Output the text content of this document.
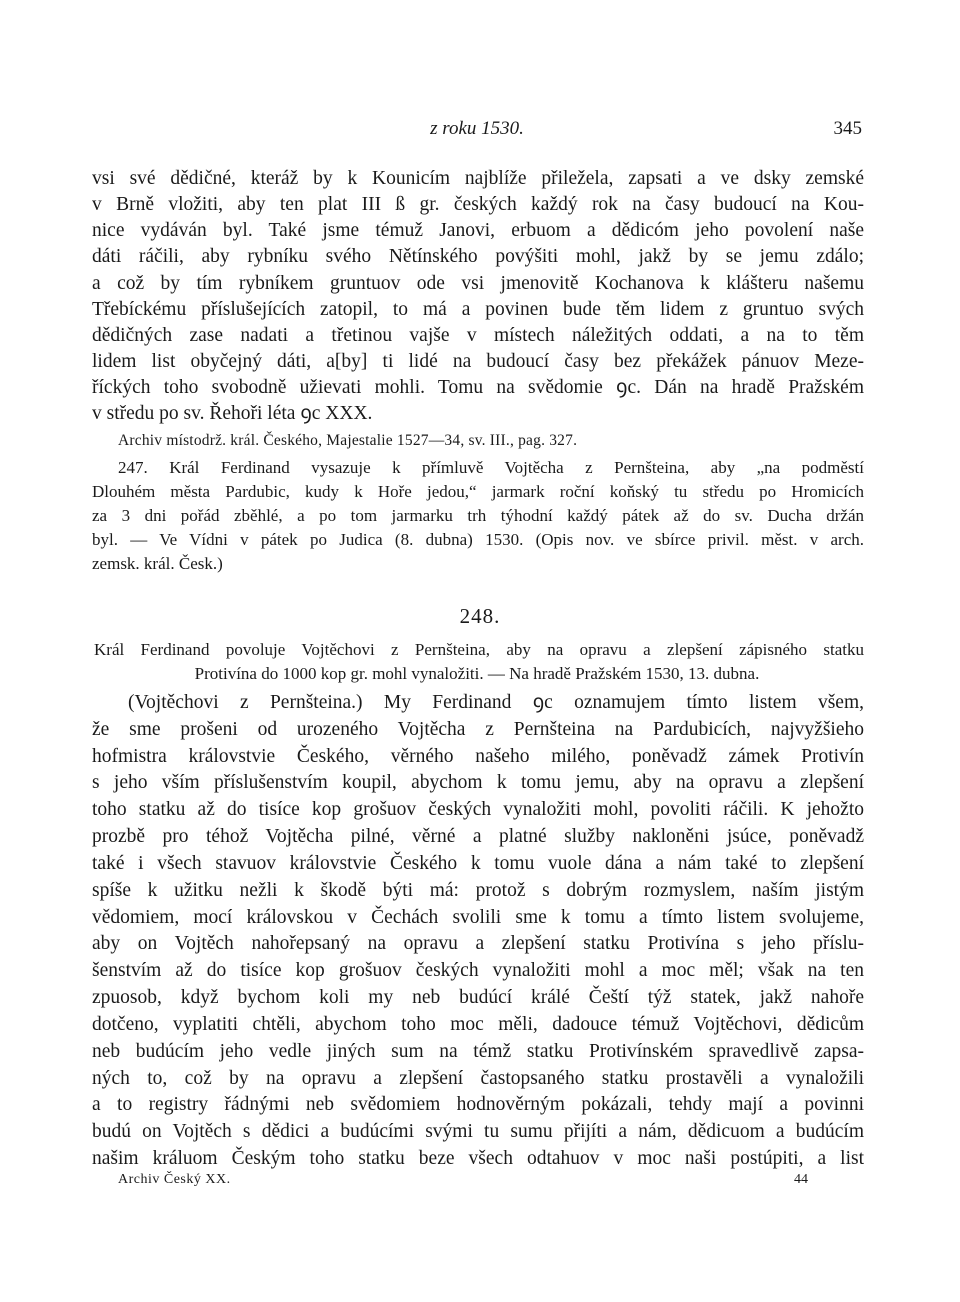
z roku 1530.	345
vsi své dědičné, kteráž by k Kounicím najblíže přiležela, zapsati a ve dsky zemské
v Brně vložiti, aby ten plat III ß gr. českých každý rok na časy budoucí na Kou-
nice vydáván byl. Také jsme témuž Janovi, erbuom a dědicóm jeho povolení naše
dáti ráčili, aby rybníku svého Nětínského povýšiti mohl, jakž by se jemu zdálo;
a což by tím rybníkem gruntuov ode vsi jmenovitě Kochanova k klášteru našemu
Třebíckému příslušejících zatopil, to má a povinen bude těm lidem z gruntuo svých
dědičných zase nadati a třetinou vajše v místech náležitých oddati, a na to těm
lidem list obyčejný dáti, a[by] ti lidé na budoucí časy bez překážek pánuov Meze-
říckých toho svobodně užievati mohli. Tomu na svědomie ꝯc. Dán na hradě Pražském
v středu po sv. Řehoři léta ꝯc XXX.
Archiv místodrž. král. Českého, Majestalie 1527—34, sv. III., pag. 327.
247. Král Ferdinand vysazuje k přímluvě Vojtěcha z Pernšteina, aby „na podměstí
Dlouhém města Pardubic, kudy k Hoře jedou,“ jarmark roční koňský tu středu po Hromicích
za 3 dni pořád zběhlé, a po tom jarmarku trh týhodní každý pátek až do sv. Ducha držán
byl. — Ve Vídni v pátek po Judica (8. dubna) 1530. (Opis nov. ve sbírce privil. měst. v arch.
zemsk. král. Česk.)
248.
Král Ferdinand povoluje Vojtěchovi z Pernšteina, aby na opravu a zlepšení zápisného statku
Protivína do 1000 kop gr. mohl vynaložiti. — Na hradě Pražském 1530, 13. dubna.
(Vojtěchovi z Pernšteina.) My Ferdinand ꝯc oznamujem tímto listem všem,
že sme prošeni od urozeného Vojtěcha z Pernšteina na Pardubicích, najvyžšieho
hofmistra královstvie Českého, věrného našeho milého, poněvadž zámek Protivín
s jeho vším příslušenstvím koupil, abychom k tomu jemu, aby na opravu a zlepšení
toho statku až do tisíce kop grošuov českých vynaložiti mohl, povoliti ráčili. K jehožto
prozbě pro téhož Vojtěcha pilné, věrné a platné služby nakloněni jsúce, poněvadž
také i všech stavuov královstvie Českého k tomu vuole dána a nám také to zlepšení
spíše k užitku nežli k škodě býti má: protož s dobrým rozmyslem, naším jistým
vědomiem, mocí královskou v Čechách svolili sme k tomu a tímto listem svolujeme,
aby on Vojtěch nahořepsaný na opravu a zlepšení statku Protivína s jeho příslu-
šenstvím až do tisíce kop grošuov českých vynaložiti mohl a moc měl; však na ten
zpuosob, když bychom koli my neb budúcí králé Čeští týž statek, jakž nahoře
dotčeno, vyplatiti chtěli, abychom toho moc měli, dadouce témuž Vojtěchovi, dědicům
neb budúcím jeho vedle jiných sum na témž statku Protivínském spravedlivě zapsa-
ných to, což by na opravu a zlepšení častopsaného statku prostavěli a vynaložili
a to registry řádnými neb svědomiem hodnověrným pokázali, tehdy mají a povinni
budú on Vojtěch s dědici a budúcími svými tu sumu přijíti a nám, dědicuom a budúcím
našim králuom Českým toho statku beze všech odtahuov v moc naši postúpiti, a list
Archiv Český XX.	44
